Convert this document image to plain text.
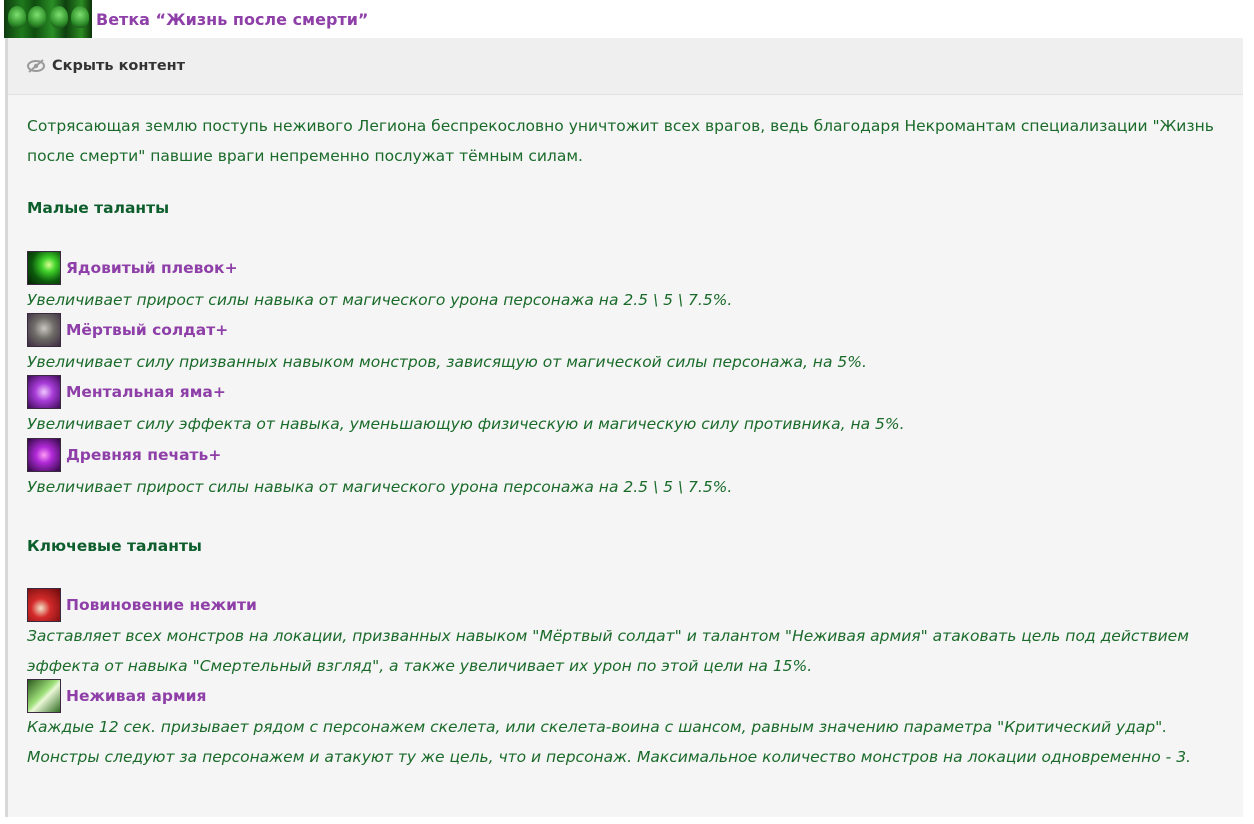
Ветка “Жизнь после смерти”
Скрыть контент
Сотрясающая землю поступь неживого Легиона беспрекословно уничтожит всех врагов, ведь благодаря Некромантам специализации "Жизнь после смерти" павшие враги непременно послужат тёмным силам.
Малые таланты
Ядовитый плевок+
Увеличивает прирост силы навыка от магического урона персонажа на 2.5 \ 5 \ 7.5%.
Мёртвый солдат+
Увеличивает силу призванных навыком монстров, зависящую от магической силы персонажа, на 5%.
Ментальная яма+
Увеличивает силу эффекта от навыка, уменьшающую физическую и магическую силу противника, на 5%.
Древняя печать+
Увеличивает прирост силы навыка от магического урона персонажа на 2.5 \ 5 \ 7.5%.
Ключевые таланты
Повиновение нежити
Заставляет всех монстров на локации, призванных навыком "Мёртвый солдат" и талантом "Неживая армия" атаковать цель под действием эффекта от навыка "Смертельный взгляд", а также увеличивает их урон по этой цели на 15%.
Неживая армия
Каждые 12 сек. призывает рядом с персонажем скелета, или скелета-воина с шансом, равным значению параметра "Критический удар". Монстры следуют за персонажем и атакуют ту же цель, что и персонаж. Максимальное количество монстров на локации одновременно - 3.
